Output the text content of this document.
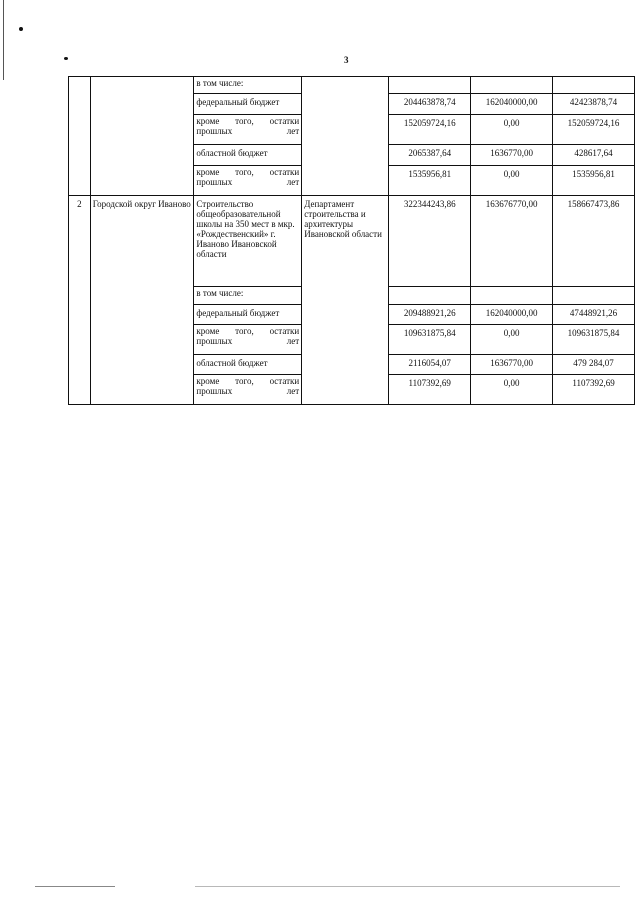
3
		в том числе:				
		федеральный бюджет		204463878,74	162040000,00	42423878,74
		кроме того, остатки прошлых лет		152059724,16	0,00	152059724,16
		областной бюджет		2065387,64	1636770,00	428617,64
		кроме того, остатки прошлых лет		1535956,81	0,00	1535956,81
2	Городской округ Иваново	Строительство общеобразовательной школы на 350 мест в мкр. «Рождественский» г. Иваново Ивановской области	Департамент строительства и архитектуры Ивановской области	322344243,86	163676770,00	158667473,86
		в том числе:				
		федеральный бюджет		209488921,26	162040000,00	47448921,26
		кроме того, остатки прошлых лет		109631875,84	0,00	109631875,84
		областной бюджет		2116054,07	1636770,00	479 284,07
		кроме того, остатки прошлых лет		1107392,69	0,00	1107392,69
